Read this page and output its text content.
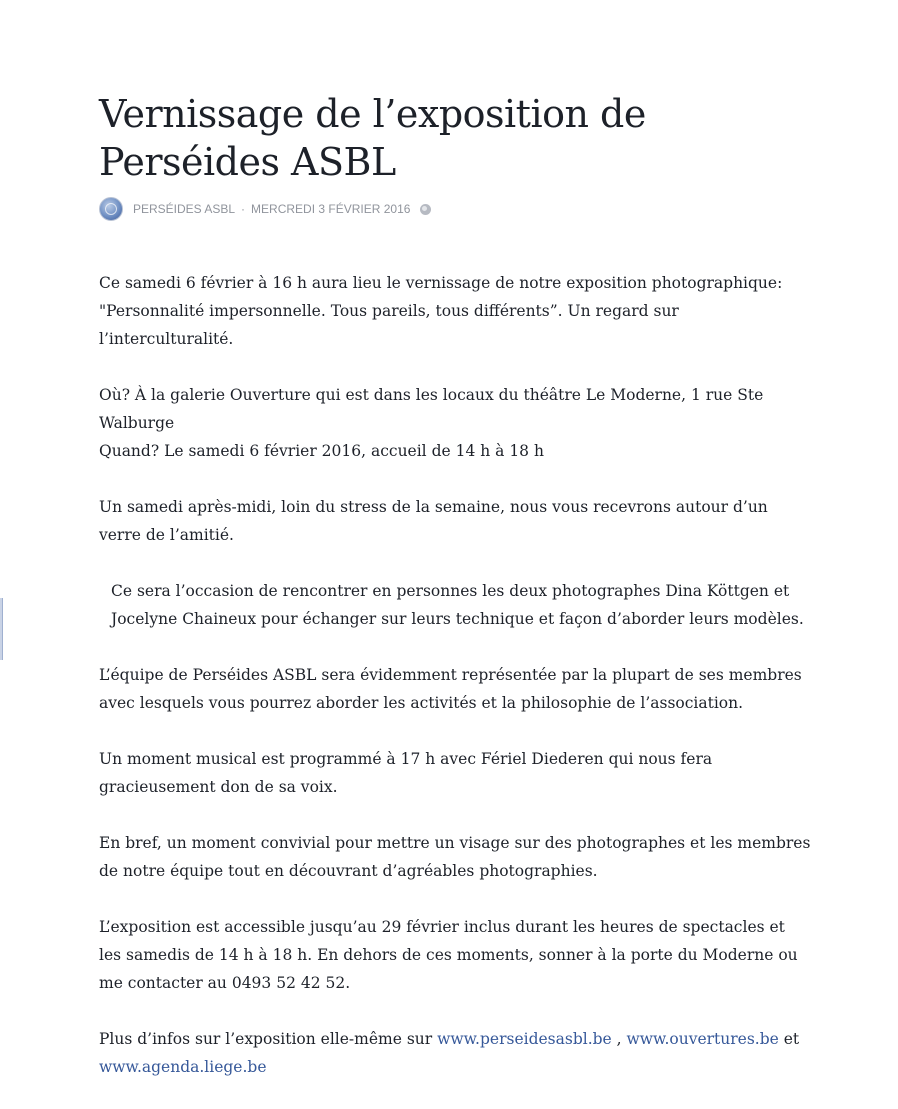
Vernissage de l’exposition de Perséides ASBL
PERSÉIDES ASBL · MERCREDI 3 FÉVRIER 2016

Ce samedi 6 février à 16 h aura lieu le vernissage de notre exposition photographique:
"Personnalité impersonnelle. Tous pareils, tous différents”. Un regard sur l’interculturalité.

Où? À la galerie Ouverture qui est dans les locaux du théâtre Le Moderne, 1 rue Ste Walburge
Quand? Le samedi 6 février 2016, accueil de 14 h à 18 h

Un samedi après-midi, loin du stress de la semaine, nous vous recevrons autour d’un verre de l’amitié.

Ce sera l’occasion de rencontrer en personnes les deux photographes Dina Köttgen et Jocelyne Chaineux pour échanger sur leurs technique et façon d’aborder leurs modèles.

L’équipe de Perséides ASBL sera évidemment représentée par la plupart de ses membres avec lesquels vous pourrez aborder les activités et la philosophie de l’association.

Un moment musical est programmé à 17 h avec Fériel Diederen qui nous fera gracieusement don de sa voix.

En bref, un moment convivial pour mettre un visage sur des photographes et les membres de notre équipe tout en découvrant d’agréables photographies.

L’exposition est accessible jusqu’au 29 février inclus durant les heures de spectacles et les samedis de 14 h à 18 h. En dehors de ces moments, sonner à la porte du Moderne ou me contacter au 0493 52 42 52.

Plus d’infos sur l’exposition elle-même sur www.perseidesasbl.be , www.ouvertures.be et www.agenda.liege.be
